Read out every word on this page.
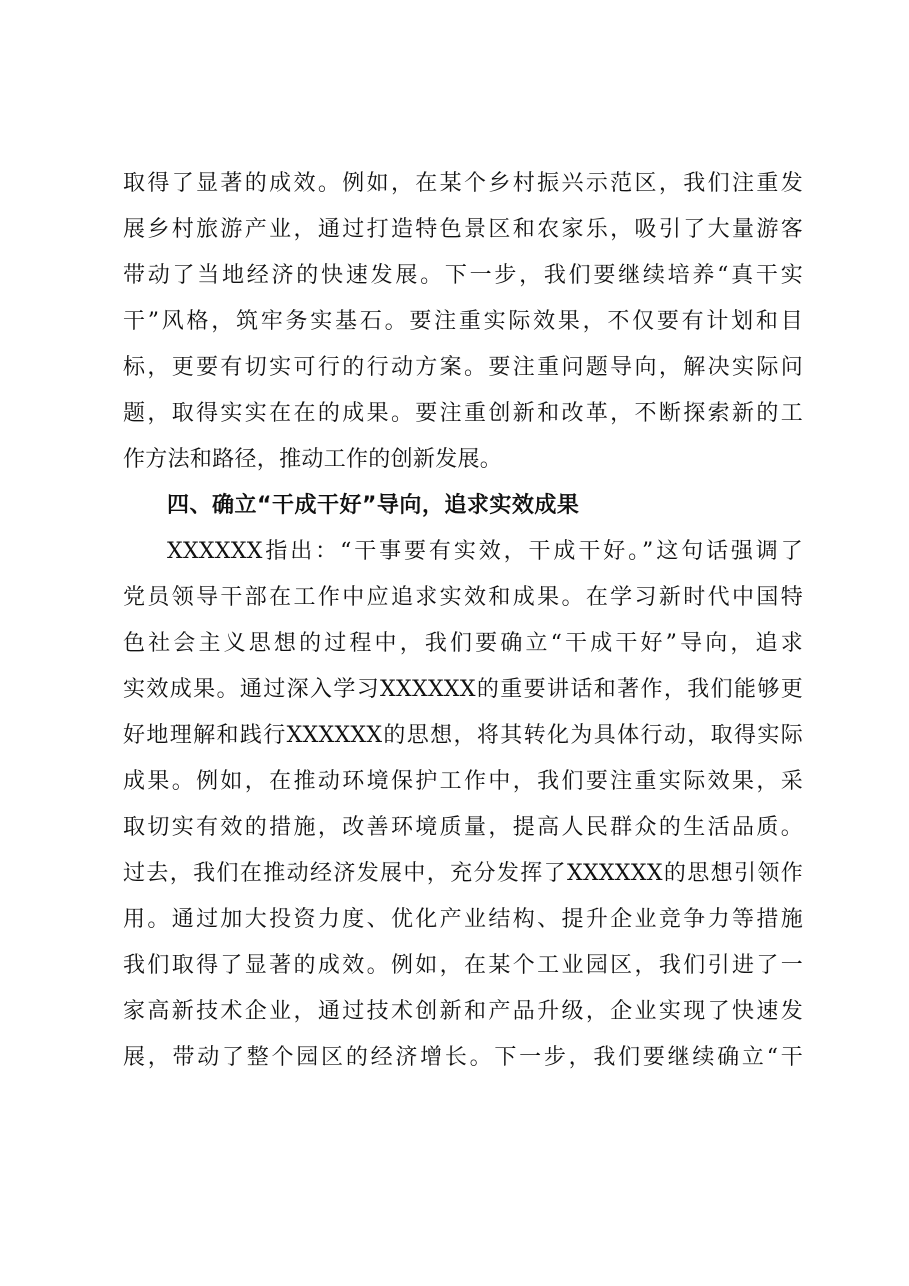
取得了显著的成效。例如，在某个乡村振兴示范区，我们注重发
展乡村旅游产业，通过打造特色景区和农家乐，吸引了大量游客
带动了当地经济的快速发展。下一步，我们要继续培养“真干实
干”风格，筑牢务实基石。要注重实际效果，不仅要有计划和目
标，更要有切实可行的行动方案。要注重问题导向，解决实际问
题，取得实实在在的成果。要注重创新和改革，不断探索新的工
作方法和路径，推动工作的创新发展。
四、确立“干成干好”导向，追求实效成果
XXXXXX指出：“干事要有实效，干成干好。”这句话强调了
党员领导干部在工作中应追求实效和成果。在学习新时代中国特
色社会主义思想的过程中，我们要确立“干成干好”导向，追求
实效成果。通过深入学习XXXXXX的重要讲话和著作，我们能够更
好地理解和践行XXXXXX的思想，将其转化为具体行动，取得实际
成果。例如，在推动环境保护工作中，我们要注重实际效果，采
取切实有效的措施，改善环境质量，提高人民群众的生活品质。
过去，我们在推动经济发展中，充分发挥了XXXXXX的思想引领作
用。通过加大投资力度、优化产业结构、提升企业竞争力等措施
我们取得了显著的成效。例如，在某个工业园区，我们引进了一
家高新技术企业，通过技术创新和产品升级，企业实现了快速发
展，带动了整个园区的经济增长。下一步，我们要继续确立“干
